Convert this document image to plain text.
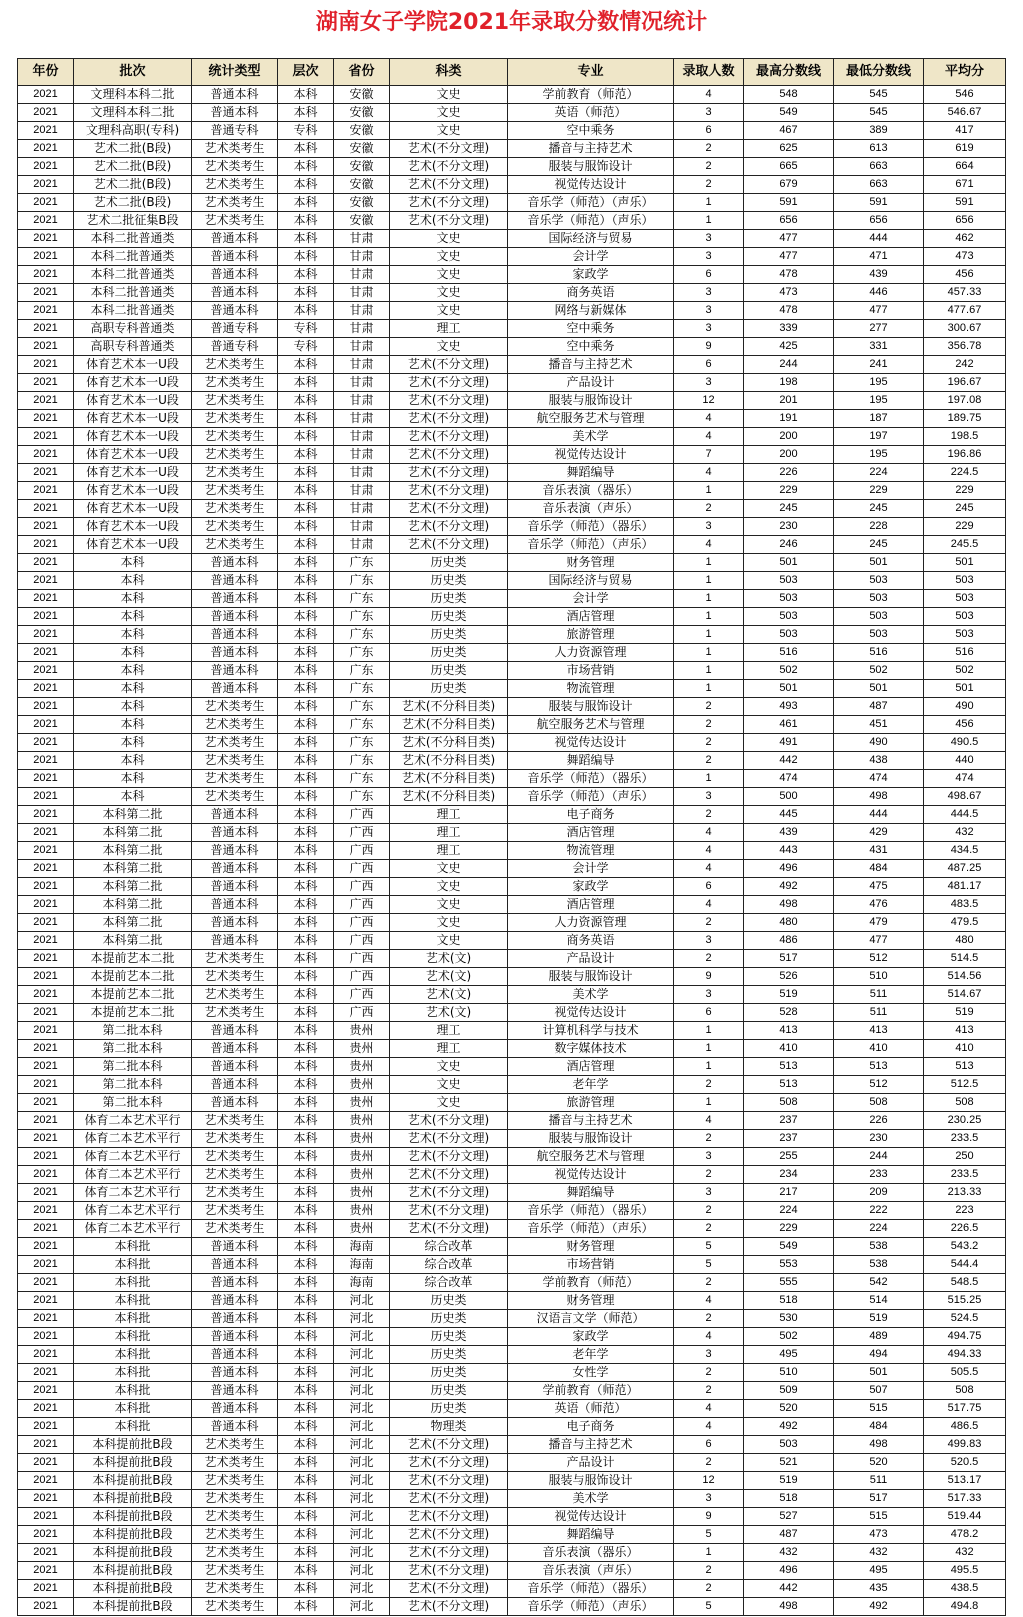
湖南女子学院2021年录取分数情况统计
年份	批次	统计类型	层次	省份	科类	专业	录取人数	最高分数线	最低分数线	平均分
2021	文理科本科二批	普通本科	本科	安徽	文史	学前教育（师范）	4	548	545	546
2021	文理科本科二批	普通本科	本科	安徽	文史	英语（师范）	3	549	545	546.67
2021	文理科高职(专科)	普通专科	专科	安徽	文史	空中乘务	6	467	389	417
2021	艺术二批(B段)	艺术类考生	本科	安徽	艺术(不分文理)	播音与主持艺术	2	625	613	619
2021	艺术二批(B段)	艺术类考生	本科	安徽	艺术(不分文理)	服装与服饰设计	2	665	663	664
2021	艺术二批(B段)	艺术类考生	本科	安徽	艺术(不分文理)	视觉传达设计	2	679	663	671
2021	艺术二批(B段)	艺术类考生	本科	安徽	艺术(不分文理)	音乐学（师范）（声乐）	1	591	591	591
2021	艺术二批征集B段	艺术类考生	本科	安徽	艺术(不分文理)	音乐学（师范）（声乐）	1	656	656	656
2021	本科二批普通类	普通本科	本科	甘肃	文史	国际经济与贸易	3	477	444	462
2021	本科二批普通类	普通本科	本科	甘肃	文史	会计学	3	477	471	473
2021	本科二批普通类	普通本科	本科	甘肃	文史	家政学	6	478	439	456
2021	本科二批普通类	普通本科	本科	甘肃	文史	商务英语	3	473	446	457.33
2021	本科二批普通类	普通本科	本科	甘肃	文史	网络与新媒体	3	478	477	477.67
2021	高职专科普通类	普通专科	专科	甘肃	理工	空中乘务	3	339	277	300.67
2021	高职专科普通类	普通专科	专科	甘肃	文史	空中乘务	9	425	331	356.78
2021	体育艺术本一U段	艺术类考生	本科	甘肃	艺术(不分文理)	播音与主持艺术	6	244	241	242
2021	体育艺术本一U段	艺术类考生	本科	甘肃	艺术(不分文理)	产品设计	3	198	195	196.67
2021	体育艺术本一U段	艺术类考生	本科	甘肃	艺术(不分文理)	服装与服饰设计	12	201	195	197.08
2021	体育艺术本一U段	艺术类考生	本科	甘肃	艺术(不分文理)	航空服务艺术与管理	4	191	187	189.75
2021	体育艺术本一U段	艺术类考生	本科	甘肃	艺术(不分文理)	美术学	4	200	197	198.5
2021	体育艺术本一U段	艺术类考生	本科	甘肃	艺术(不分文理)	视觉传达设计	7	200	195	196.86
2021	体育艺术本一U段	艺术类考生	本科	甘肃	艺术(不分文理)	舞蹈编导	4	226	224	224.5
2021	体育艺术本一U段	艺术类考生	本科	甘肃	艺术(不分文理)	音乐表演（器乐）	1	229	229	229
2021	体育艺术本一U段	艺术类考生	本科	甘肃	艺术(不分文理)	音乐表演（声乐）	2	245	245	245
2021	体育艺术本一U段	艺术类考生	本科	甘肃	艺术(不分文理)	音乐学（师范）（器乐）	3	230	228	229
2021	体育艺术本一U段	艺术类考生	本科	甘肃	艺术(不分文理)	音乐学（师范）（声乐）	4	246	245	245.5
2021	本科	普通本科	本科	广东	历史类	财务管理	1	501	501	501
2021	本科	普通本科	本科	广东	历史类	国际经济与贸易	1	503	503	503
2021	本科	普通本科	本科	广东	历史类	会计学	1	503	503	503
2021	本科	普通本科	本科	广东	历史类	酒店管理	1	503	503	503
2021	本科	普通本科	本科	广东	历史类	旅游管理	1	503	503	503
2021	本科	普通本科	本科	广东	历史类	人力资源管理	1	516	516	516
2021	本科	普通本科	本科	广东	历史类	市场营销	1	502	502	502
2021	本科	普通本科	本科	广东	历史类	物流管理	1	501	501	501
2021	本科	艺术类考生	本科	广东	艺术(不分科目类)	服装与服饰设计	2	493	487	490
2021	本科	艺术类考生	本科	广东	艺术(不分科目类)	航空服务艺术与管理	2	461	451	456
2021	本科	艺术类考生	本科	广东	艺术(不分科目类)	视觉传达设计	2	491	490	490.5
2021	本科	艺术类考生	本科	广东	艺术(不分科目类)	舞蹈编导	2	442	438	440
2021	本科	艺术类考生	本科	广东	艺术(不分科目类)	音乐学（师范）（器乐）	1	474	474	474
2021	本科	艺术类考生	本科	广东	艺术(不分科目类)	音乐学（师范）（声乐）	3	500	498	498.67
2021	本科第二批	普通本科	本科	广西	理工	电子商务	2	445	444	444.5
2021	本科第二批	普通本科	本科	广西	理工	酒店管理	4	439	429	432
2021	本科第二批	普通本科	本科	广西	理工	物流管理	4	443	431	434.5
2021	本科第二批	普通本科	本科	广西	文史	会计学	4	496	484	487.25
2021	本科第二批	普通本科	本科	广西	文史	家政学	6	492	475	481.17
2021	本科第二批	普通本科	本科	广西	文史	酒店管理	4	498	476	483.5
2021	本科第二批	普通本科	本科	广西	文史	人力资源管理	2	480	479	479.5
2021	本科第二批	普通本科	本科	广西	文史	商务英语	3	486	477	480
2021	本提前艺本二批	艺术类考生	本科	广西	艺术(文)	产品设计	2	517	512	514.5
2021	本提前艺本二批	艺术类考生	本科	广西	艺术(文)	服装与服饰设计	9	526	510	514.56
2021	本提前艺本二批	艺术类考生	本科	广西	艺术(文)	美术学	3	519	511	514.67
2021	本提前艺本二批	艺术类考生	本科	广西	艺术(文)	视觉传达设计	6	528	511	519
2021	第二批本科	普通本科	本科	贵州	理工	计算机科学与技术	1	413	413	413
2021	第二批本科	普通本科	本科	贵州	理工	数字媒体技术	1	410	410	410
2021	第二批本科	普通本科	本科	贵州	文史	酒店管理	1	513	513	513
2021	第二批本科	普通本科	本科	贵州	文史	老年学	2	513	512	512.5
2021	第二批本科	普通本科	本科	贵州	文史	旅游管理	1	508	508	508
2021	体育二本艺术平行	艺术类考生	本科	贵州	艺术(不分文理)	播音与主持艺术	4	237	226	230.25
2021	体育二本艺术平行	艺术类考生	本科	贵州	艺术(不分文理)	服装与服饰设计	2	237	230	233.5
2021	体育二本艺术平行	艺术类考生	本科	贵州	艺术(不分文理)	航空服务艺术与管理	3	255	244	250
2021	体育二本艺术平行	艺术类考生	本科	贵州	艺术(不分文理)	视觉传达设计	2	234	233	233.5
2021	体育二本艺术平行	艺术类考生	本科	贵州	艺术(不分文理)	舞蹈编导	3	217	209	213.33
2021	体育二本艺术平行	艺术类考生	本科	贵州	艺术(不分文理)	音乐学（师范）（器乐）	2	224	222	223
2021	体育二本艺术平行	艺术类考生	本科	贵州	艺术(不分文理)	音乐学（师范）（声乐）	2	229	224	226.5
2021	本科批	普通本科	本科	海南	综合改革	财务管理	5	549	538	543.2
2021	本科批	普通本科	本科	海南	综合改革	市场营销	5	553	538	544.4
2021	本科批	普通本科	本科	海南	综合改革	学前教育（师范）	2	555	542	548.5
2021	本科批	普通本科	本科	河北	历史类	财务管理	4	518	514	515.25
2021	本科批	普通本科	本科	河北	历史类	汉语言文学（师范）	2	530	519	524.5
2021	本科批	普通本科	本科	河北	历史类	家政学	4	502	489	494.75
2021	本科批	普通本科	本科	河北	历史类	老年学	3	495	494	494.33
2021	本科批	普通本科	本科	河北	历史类	女性学	2	510	501	505.5
2021	本科批	普通本科	本科	河北	历史类	学前教育（师范）	2	509	507	508
2021	本科批	普通本科	本科	河北	历史类	英语（师范）	4	520	515	517.75
2021	本科批	普通本科	本科	河北	物理类	电子商务	4	492	484	486.5
2021	本科提前批B段	艺术类考生	本科	河北	艺术(不分文理)	播音与主持艺术	6	503	498	499.83
2021	本科提前批B段	艺术类考生	本科	河北	艺术(不分文理)	产品设计	2	521	520	520.5
2021	本科提前批B段	艺术类考生	本科	河北	艺术(不分文理)	服装与服饰设计	12	519	511	513.17
2021	本科提前批B段	艺术类考生	本科	河北	艺术(不分文理)	美术学	3	518	517	517.33
2021	本科提前批B段	艺术类考生	本科	河北	艺术(不分文理)	视觉传达设计	9	527	515	519.44
2021	本科提前批B段	艺术类考生	本科	河北	艺术(不分文理)	舞蹈编导	5	487	473	478.2
2021	本科提前批B段	艺术类考生	本科	河北	艺术(不分文理)	音乐表演（器乐）	1	432	432	432
2021	本科提前批B段	艺术类考生	本科	河北	艺术(不分文理)	音乐表演（声乐）	2	496	495	495.5
2021	本科提前批B段	艺术类考生	本科	河北	艺术(不分文理)	音乐学（师范）（器乐）	2	442	435	438.5
2021	本科提前批B段	艺术类考生	本科	河北	艺术(不分文理)	音乐学（师范）（声乐）	5	498	492	494.8
